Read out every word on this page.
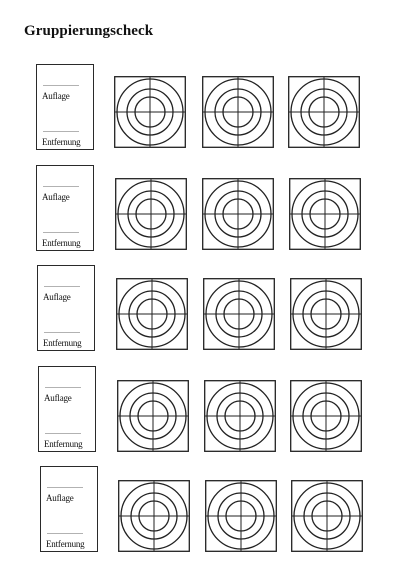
Gruppierungscheck
..................
Auflage
..................
Entfernung
..................
Auflage
..................
Entfernung
..................
Auflage
..................
Entfernung
..................
Auflage
..................
Entfernung
..................
Auflage
..................
Entfernung
